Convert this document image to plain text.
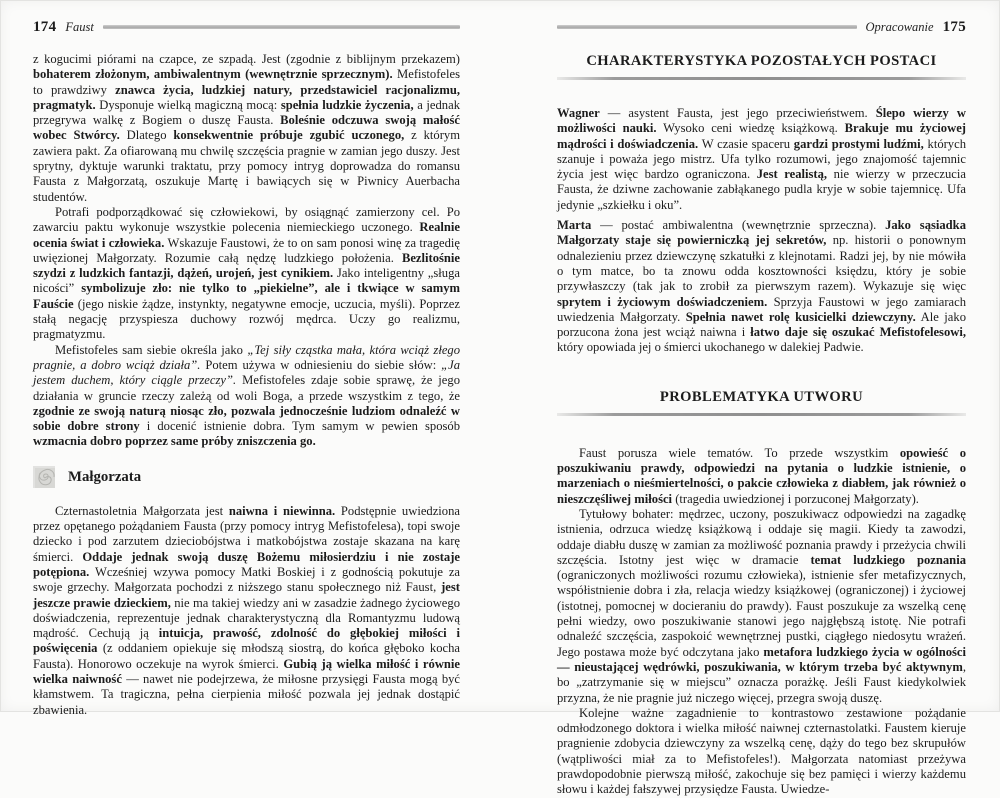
174 Faust

z kogucimi piórami na czapce, ze szpadą. Jest (zgodnie z biblijnym przekazem) bohaterem złożonym, ambiwalentnym (wewnętrznie sprzecznym). Mefistofeles to prawdziwy znawca życia, ludzkiej natury, przedstawiciel racjonalizmu, pragmatyk. Dysponuje wielką magiczną mocą: spełnia ludzkie życzenia, a jednak przegrywa walkę z Bogiem o duszę Fausta. Boleśnie odczuwa swoją małość wobec Stwórcy. Dlatego konsekwentnie próbuje zgubić uczonego, z którym zawiera pakt. Za ofiarowaną mu chwilę szczęścia pragnie w zamian jego duszy. Jest sprytny, dyktuje warunki traktatu, przy pomocy intryg doprowadza do romansu Fausta z Małgorzatą, oszukuje Martę i bawiących się w Piwnicy Auerbacha studentów.

Potrafi podporządkować się człowiekowi, by osiągnąć zamierzony cel. Po zawarciu paktu wykonuje wszystkie polecenia niemieckiego uczonego. Realnie ocenia świat i człowieka. Wskazuje Faustowi, że to on sam ponosi winę za tragedię uwięzionej Małgorzaty. Rozumie całą nędzę ludzkiego położenia. Bezlitośnie szydzi z ludzkich fantazji, dążeń, urojeń, jest cynikiem. Jako inteligentny „sługa nicości” symbolizuje zło: nie tylko to „piekielne”, ale i tkwiące w samym Fauście (jego niskie żądze, instynkty, negatywne emocje, uczucia, myśli). Poprzez stałą negację przyspiesza duchowy rozwój mędrca. Uczy go realizmu, pragmatyzmu.

Mefistofeles sam siebie określa jako „Tej siły cząstka mała, która wciąż złego pragnie, a dobro wciąż działa”. Potem używa w odniesieniu do siebie słów: „Ja jestem duchem, który ciągle przeczy”. Mefistofeles zdaje sobie sprawę, że jego działania w gruncie rzeczy zależą od woli Boga, a przede wszystkim z tego, że zgodnie ze swoją naturą niosąc zło, pozwala jednocześnie ludziom odnaleźć w sobie dobre strony i docenić istnienie dobra. Tym samym w pewien sposób wzmacnia dobro poprzez same próby zniszczenia go.

Małgorzata

Czternastoletnia Małgorzata jest naiwna i niewinna. Podstępnie uwiedziona przez opętanego pożądaniem Fausta (przy pomocy intryg Mefistofelesa), topi swoje dziecko i pod zarzutem dzieciobójstwa i matkobójstwa zostaje skazana na karę śmierci. Oddaje jednak swoją duszę Bożemu miłosierdziu i nie zostaje potępiona. Wcześniej wzywa pomocy Matki Boskiej i z godnością pokutuje za swoje grzechy. Małgorzata pochodzi z niższego stanu społecznego niż Faust, jest jeszcze prawie dzieckiem, nie ma takiej wiedzy ani w zasadzie żadnego życiowego doświadczenia, reprezentuje jednak charakterystyczną dla Romantyzmu ludową mądrość. Cechują ją intuicja, prawość, zdolność do głębokiej miłości i poświęcenia (z oddaniem opiekuje się młodszą siostrą, do końca głęboko kocha Fausta). Honorowo oczekuje na wyrok śmierci. Gubią ją wielka miłość i równie wielka naiwność — nawet nie podejrzewa, że miłosne przysięgi Fausta mogą być kłamstwem. Ta tragiczna, pełna cierpienia miłość pozwala jej jednak dostąpić zbawienia.

Opracowanie 175
CHARAKTERYSTYKA POZOSTAŁYCH POSTACI

Wagner — asystent Fausta, jest jego przeciwieństwem. Ślepo wierzy w możliwości nauki. Wysoko ceni wiedzę książkową. Brakuje mu życiowej mądrości i doświadczenia. W czasie spaceru gardzi prostymi ludźmi, których szanuje i poważa jego mistrz. Ufa tylko rozumowi, jego znajomość tajemnic życia jest więc bardzo ograniczona. Jest realistą, nie wierzy w przeczucia Fausta, że dziwne zachowanie zabłąkanego pudla kryje w sobie tajemnicę. Ufa jedynie „szkiełku i oku”.

Marta — postać ambiwalentna (wewnętrznie sprzeczna). Jako sąsiadka Małgorzaty staje się powierniczką jej sekretów, np. historii o ponownym odnalezieniu przez dziewczynę szkatułki z klejnotami. Radzi jej, by nie mówiła o tym matce, bo ta znowu odda kosztowności księdzu, który je sobie przywłaszczy (tak jak to zrobił za pierwszym razem). Wykazuje się więc sprytem i życiowym doświadczeniem. Sprzyja Faustowi w jego zamiarach uwiedzenia Małgorzaty. Spełnia nawet rolę kusicielki dziewczyny. Ale jako porzucona żona jest wciąż naiwna i łatwo daje się oszukać Mefistofelesowi, który opowiada jej o śmierci ukochanego w dalekiej Padwie.

PROBLEMATYKA UTWORU

Faust porusza wiele tematów. To przede wszystkim opowieść o poszukiwaniu prawdy, odpowiedzi na pytania o ludzkie istnienie, o marzeniach o nieśmiertelności, o pakcie człowieka z diabłem, jak również o nieszczęśliwej miłości (tragedia uwiedzionej i porzuconej Małgorzaty).

Tytułowy bohater: mędrzec, uczony, poszukiwacz odpowiedzi na zagadkę istnienia, odrzuca wiedzę książkową i oddaje się magii. Kiedy ta zawodzi, oddaje diabłu duszę w zamian za możliwość poznania prawdy i przeżycia chwili szczęścia. Istotny jest więc w dramacie temat ludzkiego poznania (ograniczonych możliwości rozumu człowieka), istnienie sfer metafizycznych, współistnienie dobra i zła, relacja wiedzy książkowej (ograniczonej) i życiowej (istotnej, pomocnej w docieraniu do prawdy). Faust poszukuje za wszelką cenę pełni wiedzy, owo poszukiwanie stanowi jego najgłębszą istotę. Nie potrafi odnaleźć szczęścia, zaspokoić wewnętrznej pustki, ciągłego niedosytu wrażeń. Jego postawa może być odczytana jako metafora ludzkiego życia w ogólności — nieustającej wędrówki, poszukiwania, w którym trzeba być aktywnym, bo „zatrzymanie się w miejscu” oznacza porażkę. Jeśli Faust kiedykolwiek przyzna, że nie pragnie już niczego więcej, przegra swoją duszę.

Kolejne ważne zagadnienie to kontrastowo zestawione pożądanie odmłodzonego doktora i wielka miłość naiwnej czternastolatki. Faustem kieruje pragnienie zdobycia dziewczyny za wszelką cenę, dąży do tego bez skrupułów (wątpliwości miał za to Mefistofeles!). Małgorzata natomiast przeżywa prawdopodobnie pierwszą miłość, zakochuje się bez pamięci i wierzy każdemu słowu i każdej fałszywej przysiędze Fausta. Uwiedze-
